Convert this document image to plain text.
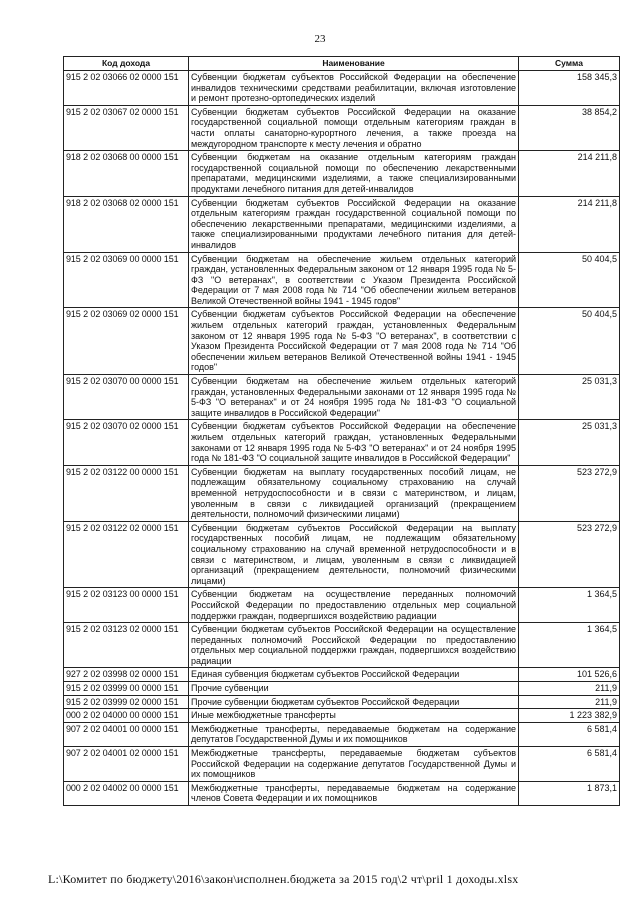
23
Код дохода	Наименование	Сумма
915 2 02 03066 02 0000 151	Субвенции бюджетам субъектов Российской Федерации на обеспечение инвалидов техническими средствами реабилитации, включая изготовление и ремонт протезно-ортопедических изделий	158 345,3
915 2 02 03067 02 0000 151	Субвенции бюджетам субъектов Российской Федерации на оказание государственной социальной помощи отдельным категориям граждан в части оплаты санаторно-курортного лечения, а также проезда на междугородном транспорте к месту лечения и обратно	38 854,2
918 2 02 03068 00 0000 151	Субвенции бюджетам на оказание отдельным категориям граждан государственной социальной помощи по обеспечению лекарственными препаратами, медицинскими изделиями, а также специализированными продуктами лечебного питания для детей-инвалидов	214 211,8
918 2 02 03068 02 0000 151	Субвенции бюджетам субъектов Российской Федерации на оказание отдельным категориям граждан государственной социальной помощи по обеспечению лекарственными препаратами, медицинскими изделиями, а также специализированными продуктами лечебного питания для детей-инвалидов	214 211,8
915 2 02 03069 00 0000 151	Субвенции бюджетам на обеспечение жильем отдельных категорий граждан, установленных Федеральным законом от 12 января 1995 года № 5-ФЗ "О ветеранах", в соответствии с Указом Президента Российской Федерации от 7 мая 2008 года № 714 "Об обеспечении жильем ветеранов Великой Отечественной войны 1941 - 1945 годов"	50 404,5
915 2 02 03069 02 0000 151	Субвенции бюджетам субъектов Российской Федерации на обеспечение жильем отдельных категорий граждан, установленных Федеральным законом от 12 января 1995 года № 5-ФЗ "О ветеранах", в соответствии с Указом Президента Российской Федерации от 7 мая 2008 года № 714 "Об обеспечении жильем ветеранов Великой Отечественной войны 1941 - 1945 годов"	50 404,5
915 2 02 03070 00 0000 151	Субвенции бюджетам на обеспечение жильем отдельных категорий граждан, установленных Федеральными законами от 12 января 1995 года № 5-ФЗ "О ветеранах" и от 24 ноября 1995 года № 181-ФЗ "О социальной защите инвалидов в Российской Федерации"	25 031,3
915 2 02 03070 02 0000 151	Субвенции бюджетам субъектов Российской Федерации на обеспечение жильем отдельных категорий граждан, установленных Федеральными законами от 12 января 1995 года № 5-ФЗ "О ветеранах" и от 24 ноября 1995 года № 181-ФЗ "О социальной защите инвалидов в Российской Федерации"	25 031,3
915 2 02 03122 00 0000 151	Субвенции бюджетам на выплату государственных пособий лицам, не подлежащим обязательному социальному страхованию на случай временной нетрудоспособности и в связи с материнством, и лицам, уволенным в связи с ликвидацией организаций (прекращением деятельности, полномочий физическими лицами)	523 272,9
915 2 02 03122 02 0000 151	Субвенции бюджетам субъектов Российской Федерации на выплату государственных пособий лицам, не подлежащим обязательному социальному страхованию на случай временной нетрудоспособности и в связи с материнством, и лицам, уволенным в связи с ликвидацией организаций (прекращением деятельности, полномочий физическими лицами)	523 272,9
915 2 02 03123 00 0000 151	Субвенции бюджетам на осуществление переданных полномочий Российской Федерации по предоставлению отдельных мер социальной поддержки граждан, подвергшихся воздействию радиации	1 364,5
915 2 02 03123 02 0000 151	Субвенции бюджетам субъектов Российской Федерации на осуществление переданных полномочий Российской Федерации по предоставлению отдельных мер социальной поддержки граждан, подвергшихся воздействию радиации	1 364,5
927 2 02 03998 02 0000 151	Единая субвенция бюджетам субъектов Российской Федерации	101 526,6
915 2 02 03999 00 0000 151	Прочие субвенции	211,9
915 2 02 03999 02 0000 151	Прочие субвенции бюджетам субъектов Российской Федерации	211,9
000 2 02 04000 00 0000 151	Иные межбюджетные трансферты	1 223 382,9
907 2 02 04001 00 0000 151	Межбюджетные трансферты, передаваемые бюджетам на содержание депутатов Государственной Думы и их помощников	6 581,4
907 2 02 04001 02 0000 151	Межбюджетные трансферты, передаваемые бюджетам субъектов Российской Федерации на содержание депутатов Государственной Думы и их помощников	6 581,4
000 2 02 04002 00 0000 151	Межбюджетные трансферты, передаваемые бюджетам на содержание членов Совета Федерации и их помощников	1 873,1
L:\Комитет по бюджету\2016\закон\исполнен.бюджета за 2015 год\2 чт\pril 1 доходы.xlsx
